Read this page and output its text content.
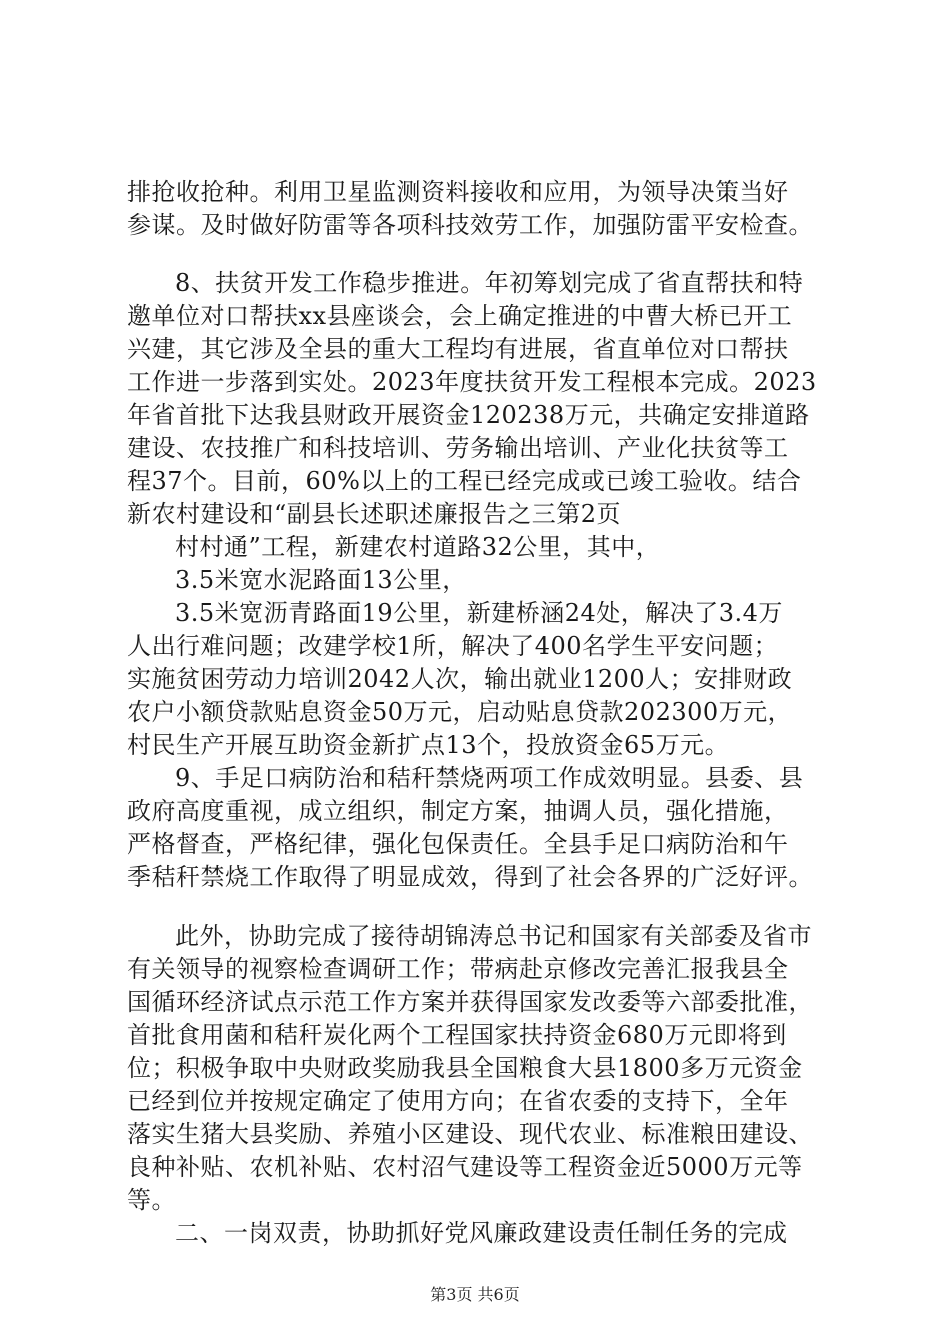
排抢收抢种。利用卫星监测资料接收和应用，为领导决策当好
参谋。及时做好防雷等各项科技效劳工作，加强防雷平安检查。
8、扶贫开发工作稳步推进。年初筹划完成了省直帮扶和特
邀单位对口帮扶xx县座谈会，会上确定推进的中曹大桥已开工
兴建，其它涉及全县的重大工程均有进展，省直单位对口帮扶
工作进一步落到实处。2023年度扶贫开发工程根本完成。2023
年省首批下达我县财政开展资金120238万元，共确定安排道路
建设、农技推广和科技培训、劳务输出培训、产业化扶贫等工
程37个。目前，60%以上的工程已经完成或已竣工验收。结合
新农村建设和“副县长述职述廉报告之三第2页
村村通”工程，新建农村道路32公里，其中，
3.5米宽水泥路面13公里，
3.5米宽沥青路面19公里，新建桥涵24处，解决了3.4万
人出行难问题；改建学校1所，解决了400名学生平安问题；
实施贫困劳动力培训2042人次，输出就业1200人；安排财政
农户小额贷款贴息资金50万元，启动贴息贷款202300万元，
村民生产开展互助资金新扩点13个，投放资金65万元。
9、手足口病防治和秸秆禁烧两项工作成效明显。县委、县
政府高度重视，成立组织，制定方案，抽调人员，强化措施，
严格督查，严格纪律，强化包保责任。全县手足口病防治和午
季秸秆禁烧工作取得了明显成效，得到了社会各界的广泛好评。
此外，协助完成了接待胡锦涛总书记和国家有关部委及省市
有关领导的视察检查调研工作；带病赴京修改完善汇报我县全
国循环经济试点示范工作方案并获得国家发改委等六部委批准，
首批食用菌和秸秆炭化两个工程国家扶持资金680万元即将到
位；积极争取中央财政奖励我县全国粮食大县1800多万元资金
已经到位并按规定确定了使用方向；在省农委的支持下，全年
落实生猪大县奖励、养殖小区建设、现代农业、标准粮田建设、
良种补贴、农机补贴、农村沼气建设等工程资金近5000万元等
等。
二、一岗双责，协助抓好党风廉政建设责任制任务的完成
第3页 共6页
